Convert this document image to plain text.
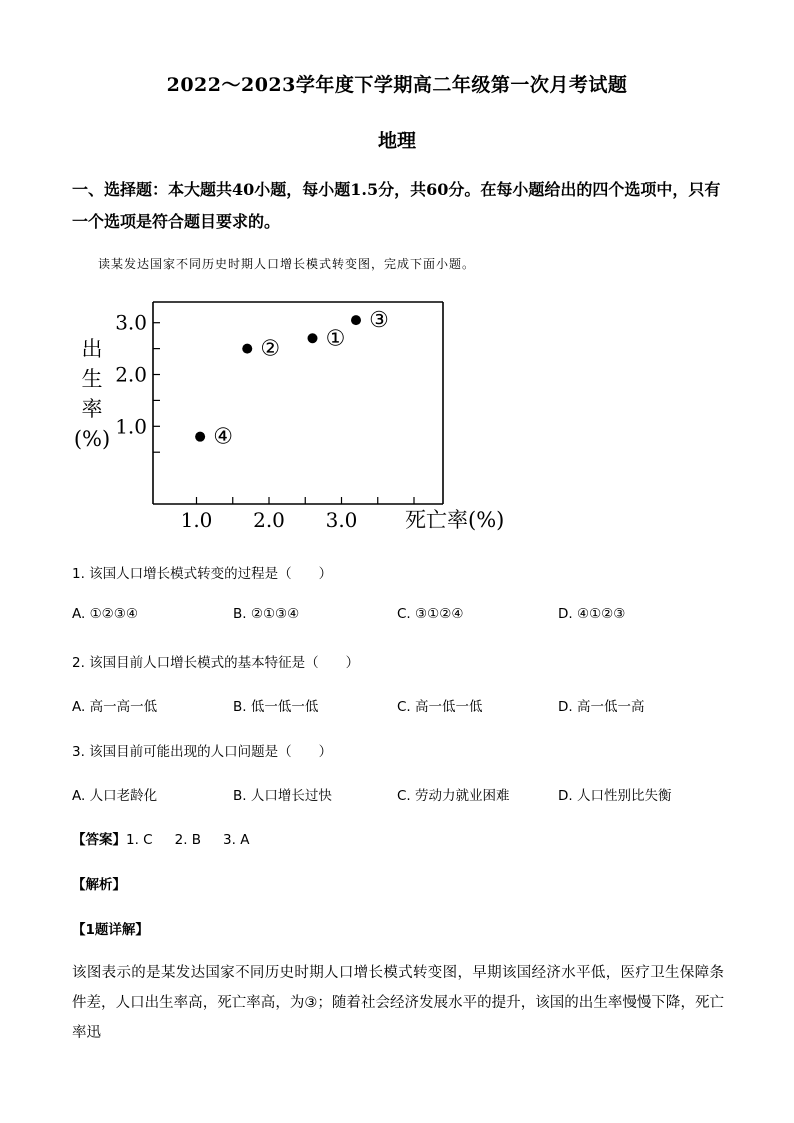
2022～2023学年度下学期高二年级第一次月考试题
地理
一、选择题：本大题共40小题，每小题1.5分，共60分。在每小题给出的四个选项中，只有一个选项是符合题目要求的。
读某发达国家不同历史时期人口增长模式转变图，完成下面小题。
1.0
2.0
3.0
1.0 2.0 3.0
出
生
率
(%)
死亡率(%)
①
②
③
④
1. 该国人口增长模式转变的过程是（　　）
A. ①②③④	B. ②①③④	C. ③①②④	D. ④①②③
2. 该国目前人口增长模式的基本特征是（　　）
A. 高一高一低	B. 低一低一低	C. 高一低一低	D. 高一低一高
3. 该国目前可能出现的人口问题是（　　）
A. 人口老龄化	B. 人口增长过快	C. 劳动力就业困难	D. 人口性别比失衡
【答案】1. C 2. B 3. A
【解析】
【1题详解】
该图表示的是某发达国家不同历史时期人口增长模式转变图，早期该国经济水平低，医疗卫生保障条件差，人口出生率高，死亡率高，为③；随着社会经济发展水平的提升，该国的出生率慢慢下降，死亡率迅
